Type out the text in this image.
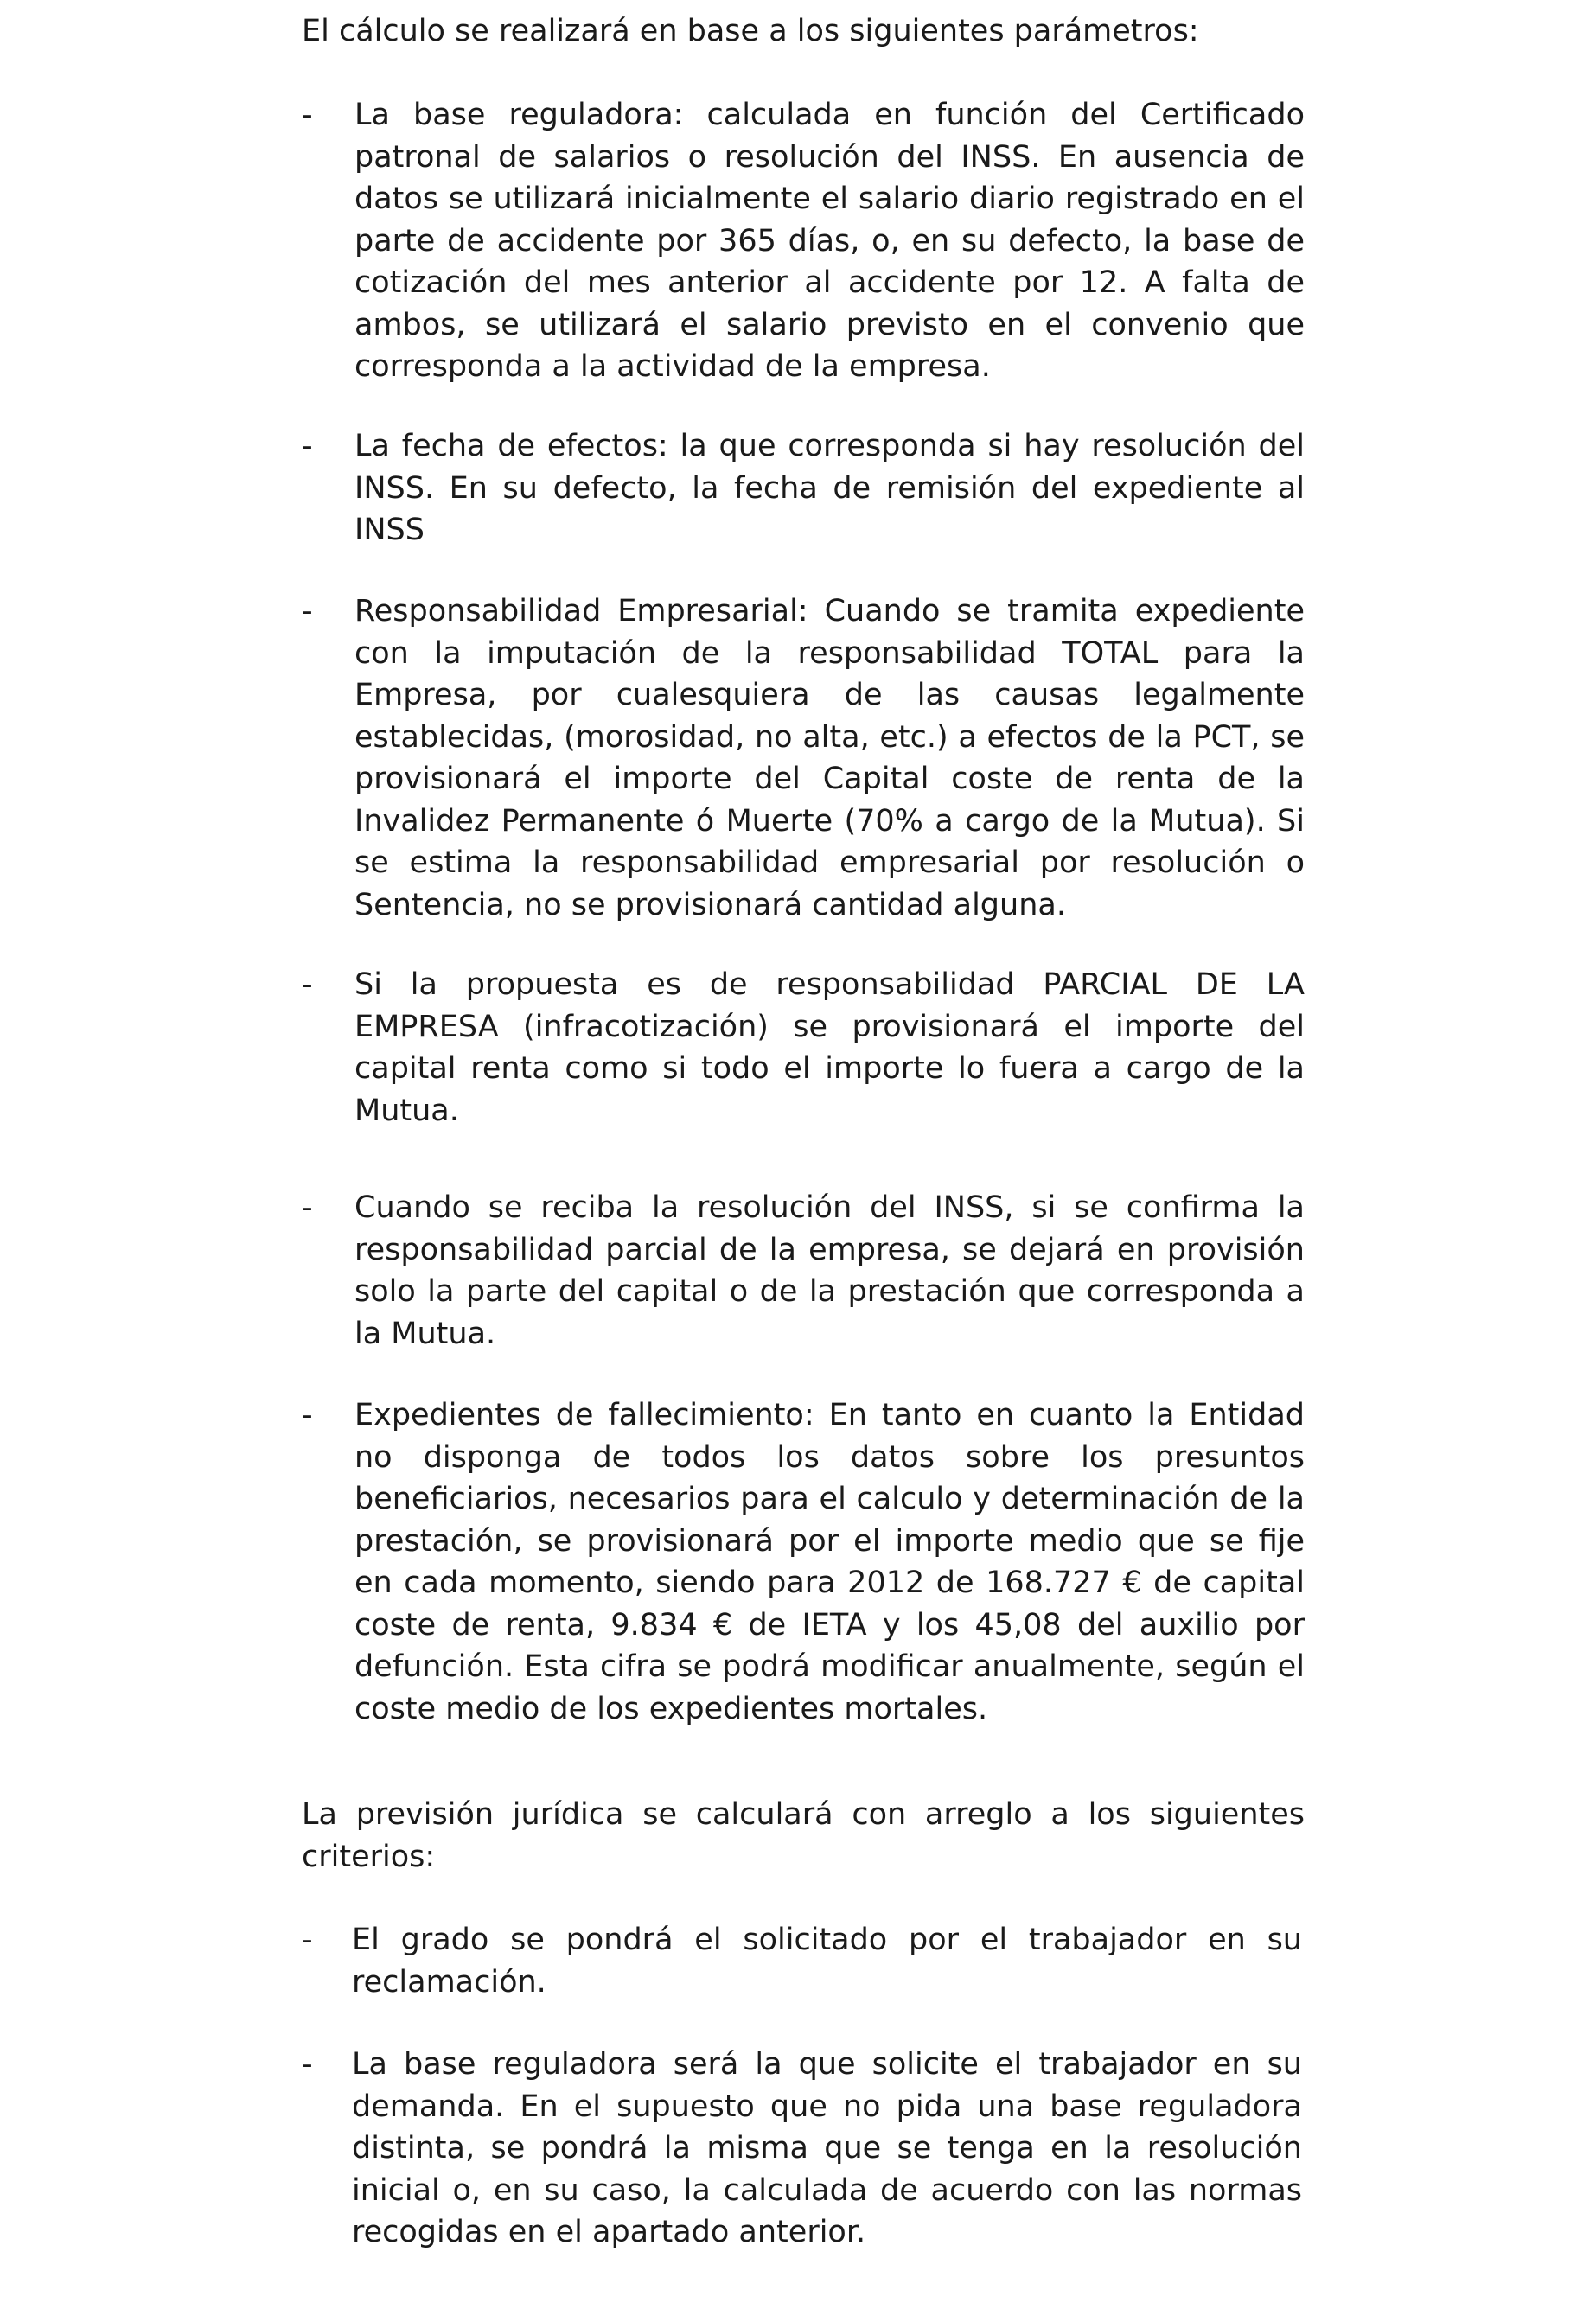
El cálculo se realizará en base a los siguientes parámetros:

- La base reguladora: calculada en función del Certificado patronal de salarios o resolución del INSS. En ausencia de datos se utilizará inicialmente el salario diario registrado en el parte de accidente por 365 días, o, en su defecto, la base de cotización del mes anterior al accidente por 12. A falta de ambos, se utilizará el salario previsto en el convenio que corresponda a la actividad de la empresa.

- La fecha de efectos: la que corresponda si hay resolución del INSS. En su defecto, la fecha de remisión del expediente al INSS

- Responsabilidad Empresarial: Cuando se tramita expediente con la imputación de la responsabilidad TOTAL para la Empresa, por cualesquiera de las causas legalmente establecidas, (morosidad, no alta, etc.) a efectos de la PCT, se provisionará el importe del Capital coste de renta de la Invalidez Permanente ó Muerte (70% a cargo de la Mutua). Si se estima la responsabilidad empresarial por resolución o Sentencia, no se provisionará cantidad alguna.

- Si la propuesta es de responsabilidad PARCIAL DE LA EMPRESA (infracotización) se provisionará el importe del capital renta como si todo el importe lo fuera a cargo de la Mutua.

- Cuando se reciba la resolución del INSS, si se confirma la responsabilidad parcial de la empresa, se dejará en provisión solo la parte del capital o de la prestación que corresponda a la Mutua.

- Expedientes de fallecimiento: En tanto en cuanto la Entidad no disponga de todos los datos sobre los presuntos beneficiarios, necesarios para el calculo y determinación de la prestación, se provisionará por el importe medio que se fije en cada momento, siendo para 2012 de 168.727 € de capital coste de renta, 9.834 € de IETA y los 45,08 del auxilio por defunción. Esta cifra se podrá modificar anualmente, según el coste medio de los expedientes mortales.

La previsión jurídica se calculará con arreglo a los siguientes criterios:

- El grado se pondrá el solicitado por el trabajador en su reclamación.

- La base reguladora será la que solicite el trabajador en su demanda. En el supuesto que no pida una base reguladora distinta, se pondrá la misma que se tenga en la resolución inicial o, en su caso, la calculada de acuerdo con las normas recogidas en el apartado anterior.
